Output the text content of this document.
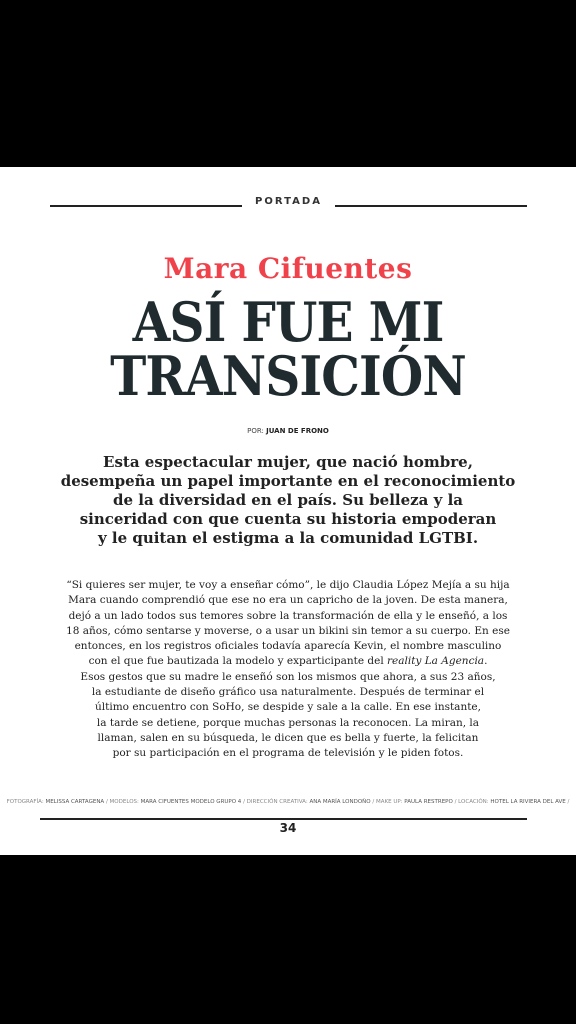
PORTADA
Mara Cifuentes
ASÍ FUE MI
TRANSICIÓN
POR: JUAN DE FRONO
Esta espectacular mujer, que nació hombre,
desempeña un papel importante en el reconocimiento
de la diversidad en el país. Su belleza y la
sinceridad con que cuenta su historia empoderan
y le quitan el estigma a la comunidad LGTBI.
“Si quieres ser mujer, te voy a enseñar cómo”, le dijo Claudia López Mejía a su hija
Mara cuando comprendió que ese no era un capricho de la joven. De esta manera,
dejó a un lado todos sus temores sobre la transformación de ella y le enseñó, a los
18 años, cómo sentarse y moverse, o a usar un bikini sin temor a su cuerpo. En ese
entonces, en los registros oficiales todavía aparecía Kevin, el nombre masculino
con el que fue bautizada la modelo y exparticipante del reality La Agencia.
Esos gestos que su madre le enseñó son los mismos que ahora, a sus 23 años,
la estudiante de diseño gráfico usa naturalmente. Después de terminar el
último encuentro con SoHo, se despide y sale a la calle. En ese instante,
la tarde se detiene, porque muchas personas la reconocen. La miran, la
llaman, salen en su búsqueda, le dicen que es bella y fuerte, la felicitan
por su participación en el programa de televisión y le piden fotos.
FOTOGRAFÍA: MELISSA CARTAGENA / MODELOS: MARA CIFUENTES MODELO GRUPO 4 / DIRECCIÓN CREATIVA: ANA MARÍA LONDOÑO / MAKE UP: PAULA RESTREPO / LOCACIÓN: HOTEL LA RIVIERA DEL AVE /
34
